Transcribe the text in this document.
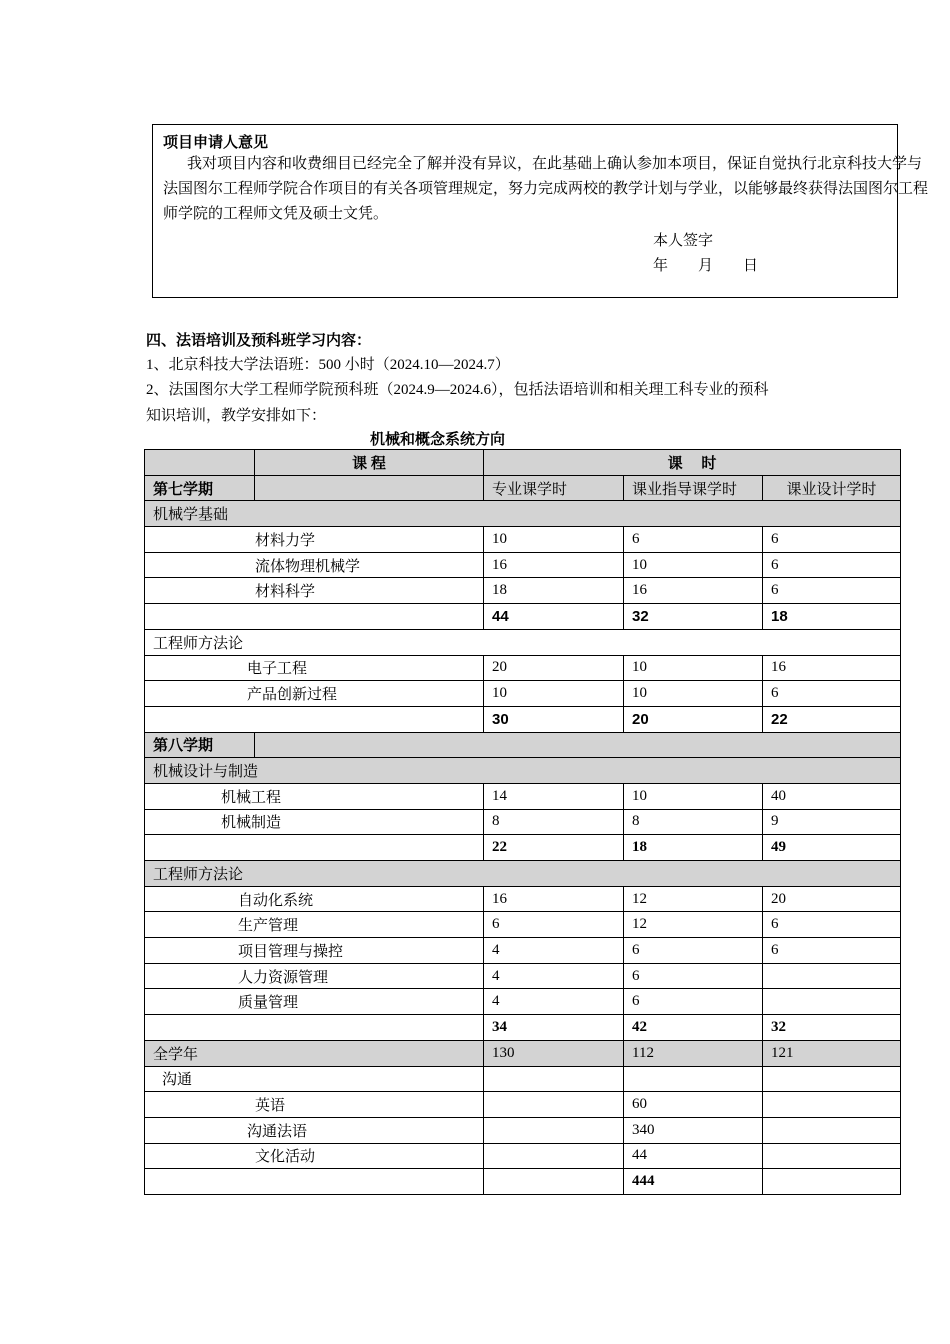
项目申请人意见
我对项目内容和收费细目已经完全了解并没有异议，在此基础上确认参加本项目，保证自觉执行北京科技大学与法国图尔工程师学院合作项目的有关各项管理规定，努力完成两校的教学计划与学业，以能够最终获得法国图尔工程师学院的工程师文凭及硕士文凭。
本人签字
年　　月　　日
四、法语培训及预科班学习内容：
1、北京科技大学法语班：500 小时（2024.10—2024.7）
2、法国图尔大学工程师学院预科班（2024.9—2024.6），包括法语培训和相关理工科专业的预科
知识培训，教学安排如下：
机械和概念系统方向
	课 程	课　 时		
第七学期		专业课学时	课业指导课学时	课业设计学时
机械学基础				
材料力学		10	6	6
流体物理机械学		16	10	6
材料科学		18	16	6
		44	32	18
工程师方法论				
电子工程		20	10	16
产品创新过程		10	10	6
		30	20	22
第八学期				
机械设计与制造				
机械工程		14	10	40
机械制造		8	8	9
		22	18	49
工程师方法论				
自动化系统		16	12	20
生产管理		6	12	6
项目管理与操控		4	6	6
人力资源管理		4	6	
质量管理		4	6	
		34	42	32
全学年		130	112	121
沟通				
英语			60	
沟通法语			340	
文化活动			44	
			444	
